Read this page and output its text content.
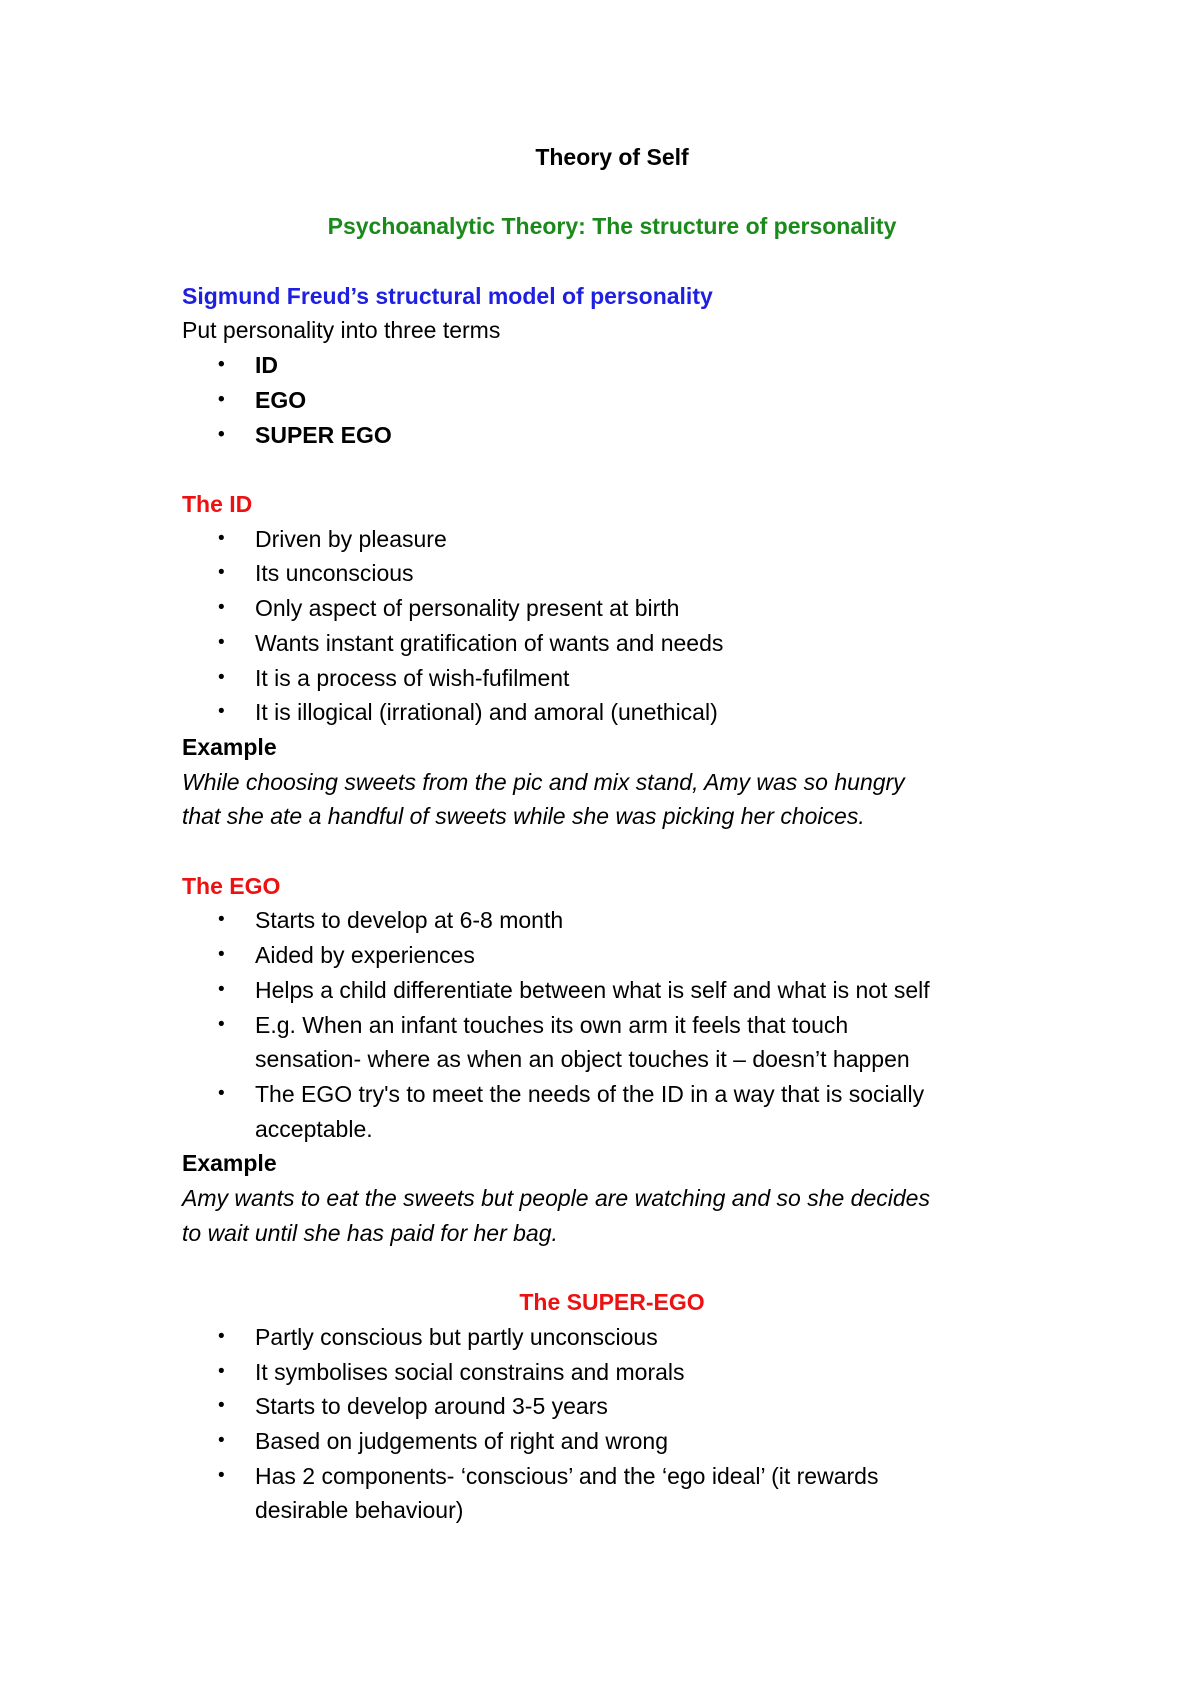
Theory of Self
Psychoanalytic Theory: The structure of personality
Sigmund Freud’s structural model of personality
Put personality into three terms
• ID
• EGO
• SUPER EGO
The ID
• Driven by pleasure
• Its unconscious
• Only aspect of personality present at birth
• Wants instant gratification of wants and needs
• It is a process of wish-fufilment
• It is illogical (irrational) and amoral (unethical)
Example
While choosing sweets from the pic and mix stand, Amy was so hungry
that she ate a handful of sweets while she was picking her choices.
The EGO
• Starts to develop at 6-8 month
• Aided by experiences
• Helps a child differentiate between what is self and what is not self
• E.g. When an infant touches its own arm it feels that touch
sensation- where as when an object touches it – doesn’t happen
• The EGO try's to meet the needs of the ID in a way that is socially
acceptable.
Example
Amy wants to eat the sweets but people are watching and so she decides
to wait until she has paid for her bag.
The SUPER-EGO
• Partly conscious but partly unconscious
• It symbolises social constrains and morals
• Starts to develop around 3-5 years
• Based on judgements of right and wrong
• Has 2 components- ‘conscious’ and the ‘ego ideal’ (it rewards
desirable behaviour)
